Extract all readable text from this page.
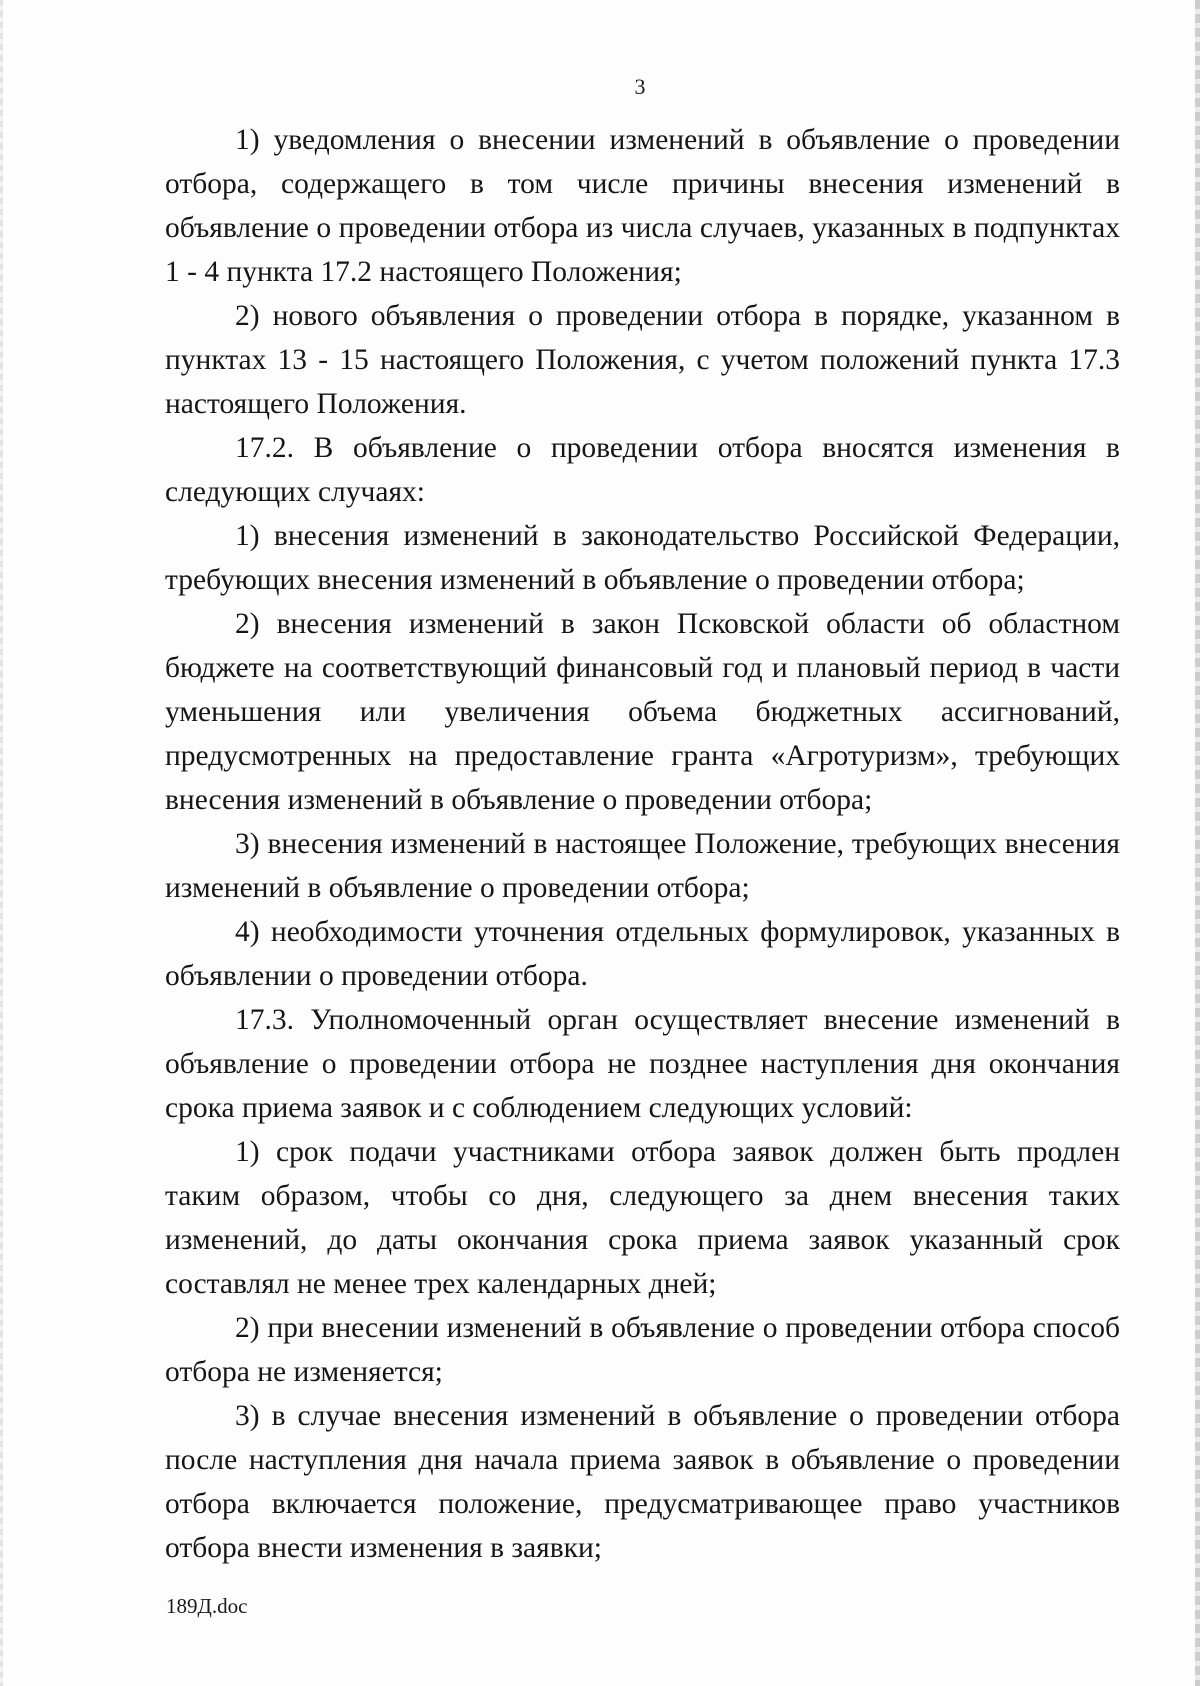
3

1) уведомления о внесении изменений в объявление о проведении отбора, содержащего в том числе причины внесения изменений в объявление о проведении отбора из числа случаев, указанных в подпунктах 1 - 4 пункта 17.2 настоящего Положения;

2) нового объявления о проведении отбора в порядке, указанном в пунктах 13 - 15 настоящего Положения, с учетом положений пункта 17.3 настоящего Положения.

17.2. В объявление о проведении отбора вносятся изменения в следующих случаях:

1) внесения изменений в законодательство Российской Федерации, требующих внесения изменений в объявление о проведении отбора;

2) внесения изменений в закон Псковской области об областном бюджете на соответствующий финансовый год и плановый период в части уменьшения или увеличения объема бюджетных ассигнований, предусмотренных на предоставление гранта «Агротуризм», требующих внесения изменений в объявление о проведении отбора;

3) внесения изменений в настоящее Положение, требующих внесения изменений в объявление о проведении отбора;

4) необходимости уточнения отдельных формулировок, указанных в объявлении о проведении отбора.

17.3. Уполномоченный орган осуществляет внесение изменений в объявление о проведении отбора не позднее наступления дня окончания срока приема заявок и с соблюдением следующих условий:

1) срок подачи участниками отбора заявок должен быть продлен таким образом, чтобы со дня, следующего за днем внесения таких изменений, до даты окончания срока приема заявок указанный срок составлял не менее трех календарных дней;

2) при внесении изменений в объявление о проведении отбора способ отбора не изменяется;

3) в случае внесения изменений в объявление о проведении отбора после наступления дня начала приема заявок в объявление о проведении отбора включается положение, предусматривающее право участников отбора внести изменения в заявки;

189Д.doc
